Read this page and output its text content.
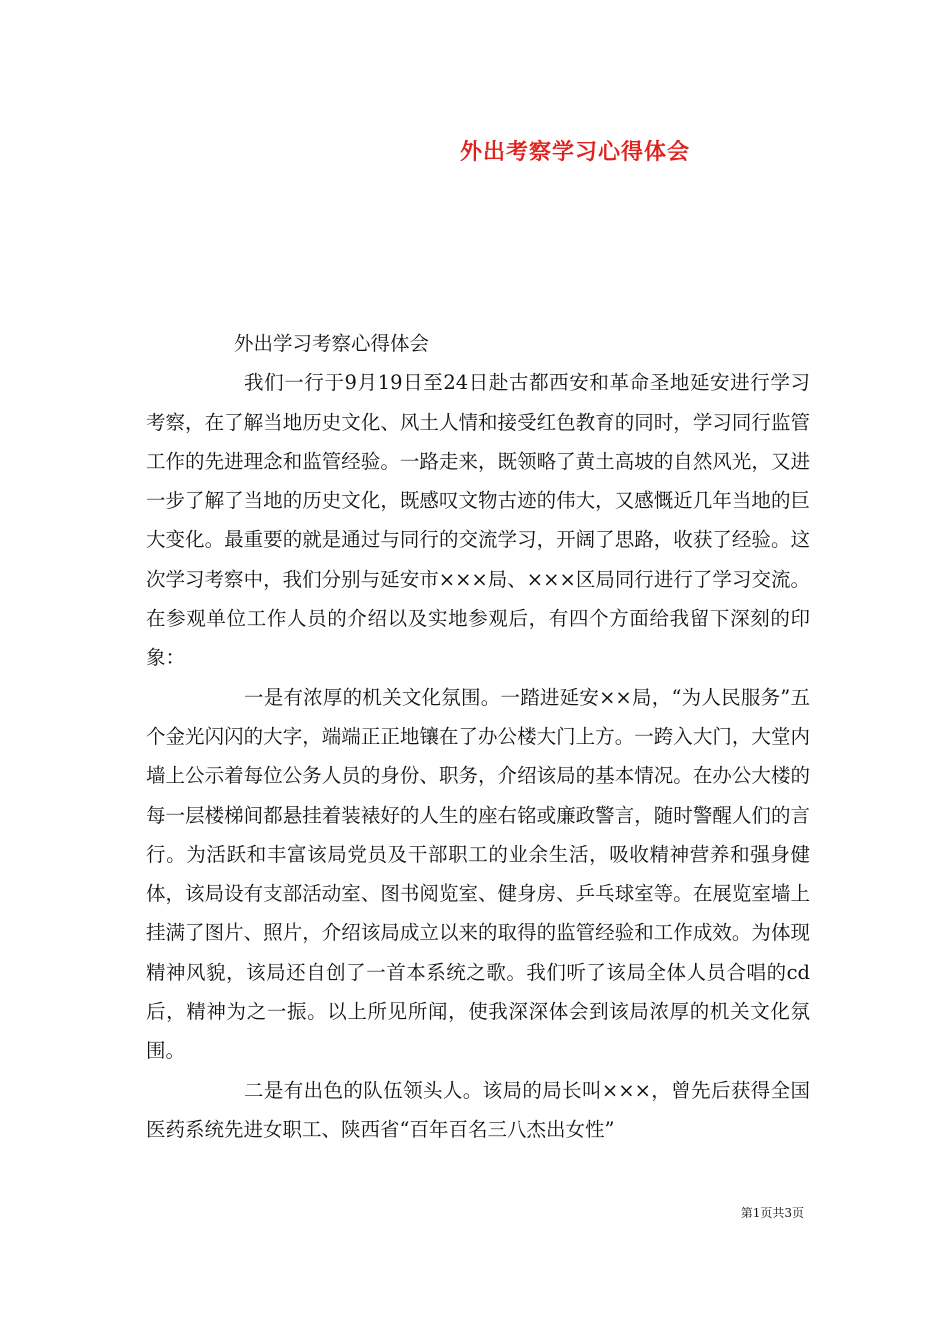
外出考察学习心得体会
外出学习考察心得体会

我们一行于9月19日至24日赴古都西安和革命圣地延安进行学习考察，在了解当地历史文化、风土人情和接受红色教育的同时，学习同行监管工作的先进理念和监管经验。一路走来，既领略了黄土高坡的自然风光，又进一步了解了当地的历史文化，既感叹文物古迹的伟大，又感慨近几年当地的巨大变化。最重要的就是通过与同行的交流学习，开阔了思路，收获了经验。这次学习考察中，我们分别与延安市×××局、×××区局同行进行了学习交流。在参观单位工作人员的介绍以及实地参观后，有四个方面给我留下深刻的印象：

一是有浓厚的机关文化氛围。一踏进延安××局，“为人民服务”五个金光闪闪的大字，端端正正地镶在了办公楼大门上方。一跨入大门，大堂内墙上公示着每位公务人员的身份、职务，介绍该局的基本情况。在办公大楼的每一层楼梯间都悬挂着装裱好的人生的座右铭或廉政警言，随时警醒人们的言行。为活跃和丰富该局党员及干部职工的业余生活，吸收精神营养和强身健体，该局设有支部活动室、图书阅览室、健身房、乒乓球室等。在展览室墙上挂满了图片、照片，介绍该局成立以来的取得的监管经验和工作成效。为体现精神风貌，该局还自创了一首本系统之歌。我们听了该局全体人员合唱的cd后，精神为之一振。以上所见所闻，使我深深体会到该局浓厚的机关文化氛围。

二是有出色的队伍领头人。该局的局长叫×××，曾先后获得全国医药系统先进女职工、陕西省“百年百名三八杰出女性”

第1页共3页
